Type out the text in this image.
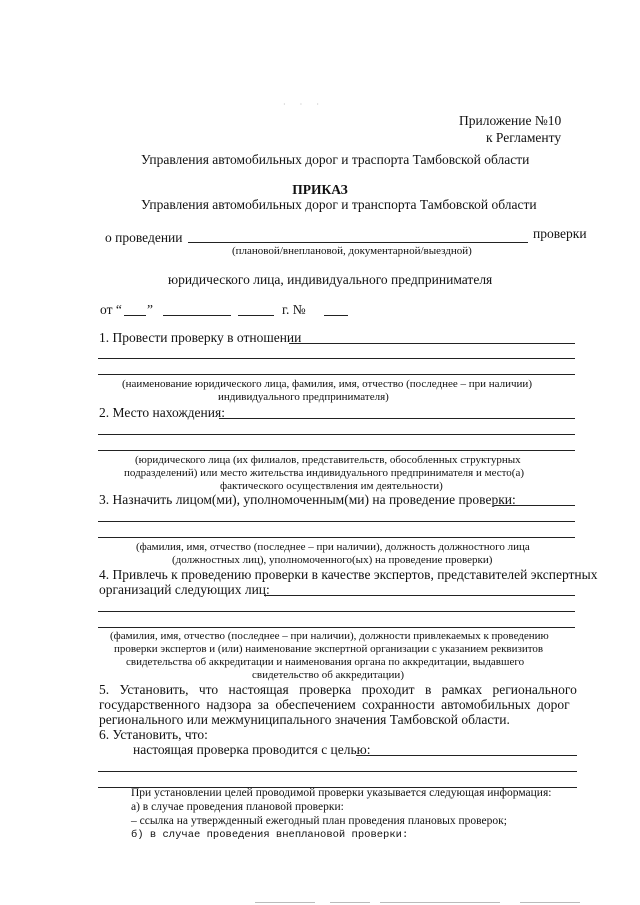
· · ·
Приложение №10
к Регламенту
Управления автомобильных дорог и траспорта Тамбовской области
ПРИКАЗ
Управления автомобильных дорог и транспорта Тамбовской области
о проведении	проверки
(плановой/внеплановой, документарной/выездной)
юридического лица, индивидуального предпринимателя
от “ ”	г. №
1. Провести проверку в отношении
(наименование юридического лица, фамилия, имя, отчество (последнее – при наличии)
индивидуального предпринимателя)
2. Место нахождения:
(юридического лица (их филиалов, представительств, обособленных структурных
подразделений) или место жительства индивидуального предпринимателя и место(а)
фактического осуществления им деятельности)
3. Назначить лицом(ми), уполномоченным(ми) на проведение проверки:
(фамилия, имя, отчество (последнее – при наличии), должность должностного лица
(должностных лиц), уполномоченного(ых) на проведение проверки)
4. Привлечь к проведению проверки в качестве экспертов, представителей экспертных
организаций следующих лиц:
(фамилия, имя, отчество (последнее – при наличии), должности привлекаемых к проведению
проверки экспертов и (или) наименование экспертной организации с указанием реквизитов
свидетельства об аккредитации и наименования органа по аккредитации, выдавшего
свидетельство об аккредитации)
5. Установить, что настоящая проверка проходит в рамках регионального
государственного надзора за обеспечением сохранности автомобильных дорог
регионального или межмуниципального значения Тамбовской области.
6. Установить, что:
настоящая проверка проводится с целью:
При установлении целей проводимой проверки указывается следующая информация:
а) в случае проведения плановой проверки:
– ссылка на утвержденный ежегодный план проведения плановых проверок;
б) в случае проведения внеплановой проверки:
